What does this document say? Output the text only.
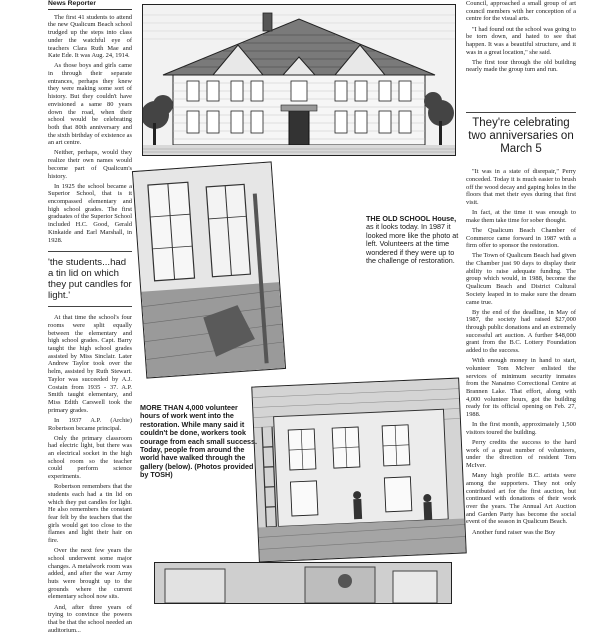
News Reporter

The first 41 students to attend the new Qualicum Beach school trudged up the steps into class under the watchful eye of teachers Clara Ruth Mae and Kate Ede. It was Aug. 24, 1914.

As those boys and girls came in through their separate entrances, perhaps they knew they were making some sort of history. But they couldn't have envisioned a same 80 years down the road, when their school would be celebrating both that 80th anniversary and the sixth birthday of existence as an art centre.

Neither, perhaps, would they realize their own names would become part of Qualicum's history.

In 1925 the school became a Superior School, that is it encompassed elementary and high school grades. The first graduates of the Superior School included H.C. Good, Gerald Kinkaide and Earl Marshall, in 1928.

'the students...had a tin lid on which they put candles for light.'

At that time the school's four rooms were split equally between the elementary and high school grades. Capt. Barry taught the high school grades assisted by Miss Sinclair. Later Andrew Taylor took over the helm, assisted by Ruth Stewart. Taylor was succeeded by A.J. Costain from 1935 - 37. A.P. Smith taught elementary, and Miss Edith Carswell took the primary grades.

In 1937 A.P. (Archie) Robertson became principal.

Only the primary classroom had electric light, but there was an electrical socket in the high school room so the teacher could perform science experiments.

Robertson remembers that the students each had a tin lid on which they put candles for light. He also remembers the constant fear felt by the teachers that the girls would get too close to the flames and light their hair on fire.

Over the next few years the school underwent some major changes. A metalwork room was added, and after the war Army huts were brought up to the grounds where the current elementary school now sits.

And, after three years of trying to convince the powers that be that the school needed an auditorium...

THE OLD SCHOOL House, as it looks today. In 1987 it looked more like the photo at left. Volunteers at the time wondered if they were up to the challenge of restoration.
MORE THAN 4,000 volunteer hours of work went into the restoration. While many said it couldn't be done, workers took courage from each small success. Today, people from around the world have walked through the gallery (below). (Photos provided by TOSH)

Council, approached a small group of art council members with her conception of a centre for the visual arts.

"I had found out the school was going to be torn down, and hated to see that happen. It was a beautiful structure, and it was in a great location," she said.

The first tour through the old building nearly made the group turn and run.

They're celebrating two anniversaries on March 5

"It was in a state of disrepair," Perry conceded. Today it is much easier to brush off the wood decay and gaping holes in the floors that met their eyes during that first visit.

In fact, at the time it was enough to make them take time for sober thought.

The Qualicum Beach Chamber of Commerce came forward in 1987 with a firm offer to sponsor the restoration.

The Town of Qualicum Beach had given the Chamber just 90 days to display their ability to raise adequate funding. The group which would, in 1988, become the Qualicum Beach and District Cultural Society leaped in to make sure the dream came true.

By the end of the deadline, in May of 1987, the society had raised $27,000 through public donations and an extremely successful art auction. A further $48,000 grant from the B.C. Lottery Foundation added to the success.

With enough money in hand to start, volunteer Tom McIver enlisted the services of minimum security inmates from the Nanaimo Correctional Centre at Brannen Lake. That effort, along with 4,000 volunteer hours, got the building ready for its official opening on Feb. 27, 1988.

In the first month, approximately 1,500 visitors toured the building.

Perry credits the success to the hard work of a great number of volunteers, under the direction of resident Tom McIver.

Many high profile B.C. artists were among the supporters. They not only contributed art for the first auction, but continued with donations of their work over the years. The Annual Art Auction and Garden Party has become the social event of the season in Qualicum Beach.

Another fund raiser was the Buy
